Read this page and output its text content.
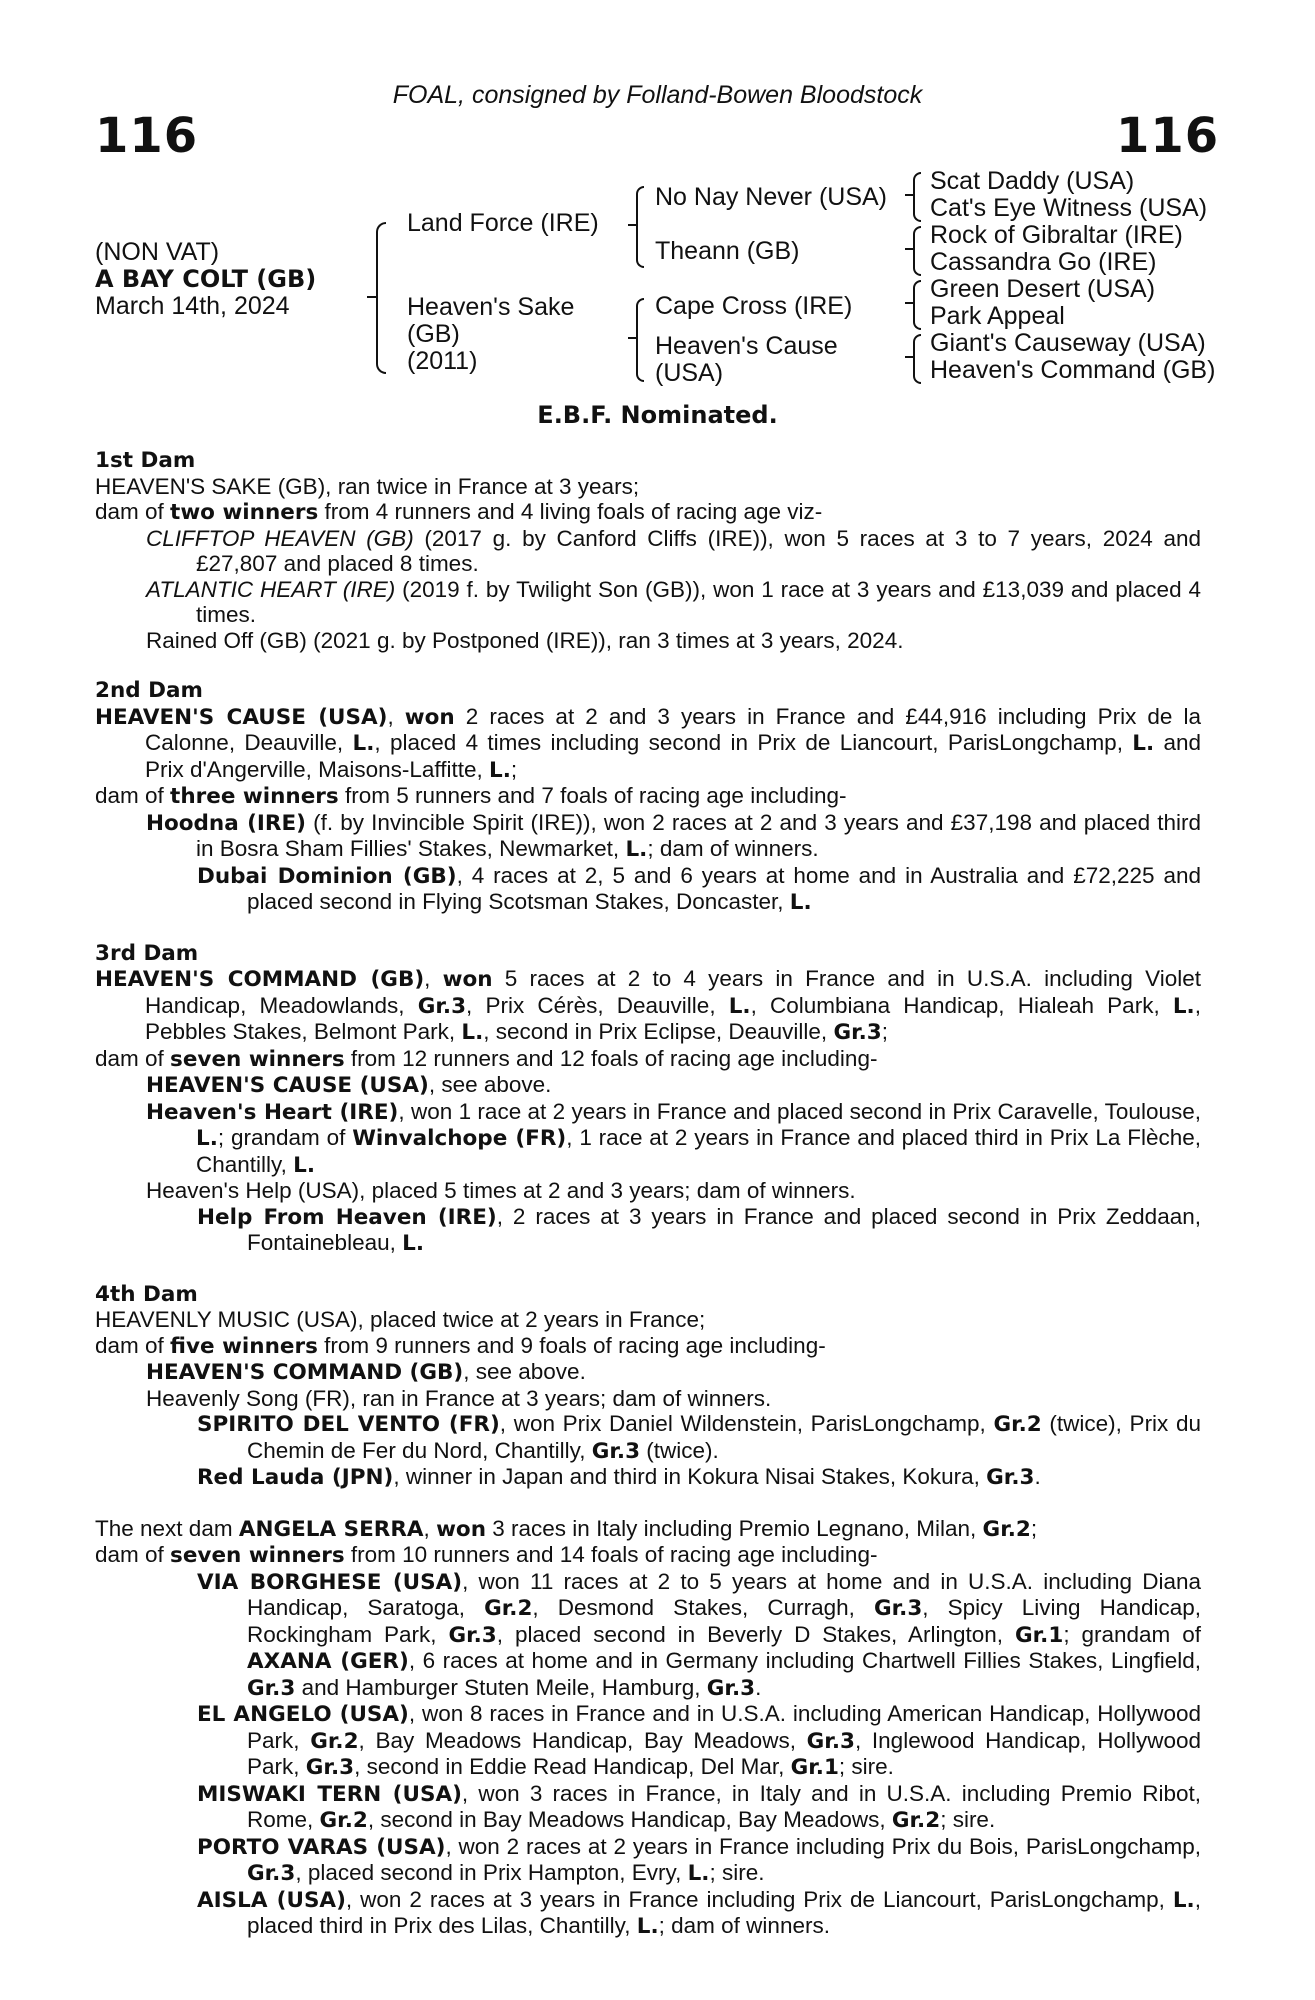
FOAL, consigned by Folland-Bowen Bloodstock
116	116
(NON VAT)
A BAY COLT (GB)
March 14th, 2024
Land Force (IRE)
Heaven's Sake
(GB)
(2011)
No Nay Never (USA)
Theann (GB)
Cape Cross (IRE)
Heaven's Cause
(USA)
Scat Daddy (USA)
Cat's Eye Witness (USA)
Rock of Gibraltar (IRE)
Cassandra Go (IRE)
Green Desert (USA)
Park Appeal
Giant's Causeway (USA)
Heaven's Command (GB)
E.B.F. Nominated.
1st Dam
HEAVEN'S SAKE (GB), ran twice in France at 3 years;
dam of two winners from 4 runners and 4 living foals of racing age viz-
CLIFFTOP HEAVEN (GB) (2017 g. by Canford Cliffs (IRE)), won 5 races at 3 to 7 years, 2024 and £27,807 and placed 8 times.
ATLANTIC HEART (IRE) (2019 f. by Twilight Son (GB)), won 1 race at 3 years and £13,039 and placed 4 times.
Rained Off (GB) (2021 g. by Postponed (IRE)), ran 3 times at 3 years, 2024.
2nd Dam
HEAVEN'S CAUSE (USA), won 2 races at 2 and 3 years in France and £44,916 including Prix de la Calonne, Deauville, L., placed 4 times including second in Prix de Liancourt, ParisLongchamp, L. and Prix d'Angerville, Maisons-Laffitte, L.;
dam of three winners from 5 runners and 7 foals of racing age including-
Hoodna (IRE) (f. by Invincible Spirit (IRE)), won 2 races at 2 and 3 years and £37,198 and placed third in Bosra Sham Fillies' Stakes, Newmarket, L.; dam of winners.
Dubai Dominion (GB), 4 races at 2, 5 and 6 years at home and in Australia and £72,225 and placed second in Flying Scotsman Stakes, Doncaster, L.
3rd Dam
HEAVEN'S COMMAND (GB), won 5 races at 2 to 4 years in France and in U.S.A. including Violet Handicap, Meadowlands, Gr.3, Prix Cérès, Deauville, L., Columbiana Handicap, Hialeah Park, L., Pebbles Stakes, Belmont Park, L., second in Prix Eclipse, Deauville, Gr.3;
dam of seven winners from 12 runners and 12 foals of racing age including-
HEAVEN'S CAUSE (USA), see above.
Heaven's Heart (IRE), won 1 race at 2 years in France and placed second in Prix Caravelle, Toulouse, L.; grandam of Winvalchope (FR), 1 race at 2 years in France and placed third in Prix La Flèche, Chantilly, L.
Heaven's Help (USA), placed 5 times at 2 and 3 years; dam of winners.
Help From Heaven (IRE), 2 races at 3 years in France and placed second in Prix Zeddaan, Fontainebleau, L.
4th Dam
HEAVENLY MUSIC (USA), placed twice at 2 years in France;
dam of five winners from 9 runners and 9 foals of racing age including-
HEAVEN'S COMMAND (GB), see above.
Heavenly Song (FR), ran in France at 3 years; dam of winners.
SPIRITO DEL VENTO (FR), won Prix Daniel Wildenstein, ParisLongchamp, Gr.2 (twice), Prix du Chemin de Fer du Nord, Chantilly, Gr.3 (twice).
Red Lauda (JPN), winner in Japan and third in Kokura Nisai Stakes, Kokura, Gr.3.
The next dam ANGELA SERRA, won 3 races in Italy including Premio Legnano, Milan, Gr.2;
dam of seven winners from 10 runners and 14 foals of racing age including-
VIA BORGHESE (USA), won 11 races at 2 to 5 years at home and in U.S.A. including Diana Handicap, Saratoga, Gr.2, Desmond Stakes, Curragh, Gr.3, Spicy Living Handicap, Rockingham Park, Gr.3, placed second in Beverly D Stakes, Arlington, Gr.1; grandam of AXANA (GER), 6 races at home and in Germany including Chartwell Fillies Stakes, Lingfield, Gr.3 and Hamburger Stuten Meile, Hamburg, Gr.3.
EL ANGELO (USA), won 8 races in France and in U.S.A. including American Handicap, Hollywood Park, Gr.2, Bay Meadows Handicap, Bay Meadows, Gr.3, Inglewood Handicap, Hollywood Park, Gr.3, second in Eddie Read Handicap, Del Mar, Gr.1; sire.
MISWAKI TERN (USA), won 3 races in France, in Italy and in U.S.A. including Premio Ribot, Rome, Gr.2, second in Bay Meadows Handicap, Bay Meadows, Gr.2; sire.
PORTO VARAS (USA), won 2 races at 2 years in France including Prix du Bois, ParisLongchamp, Gr.3, placed second in Prix Hampton, Evry, L.; sire.
AISLA (USA), won 2 races at 3 years in France including Prix de Liancourt, ParisLongchamp, L., placed third in Prix des Lilas, Chantilly, L.; dam of winners.
